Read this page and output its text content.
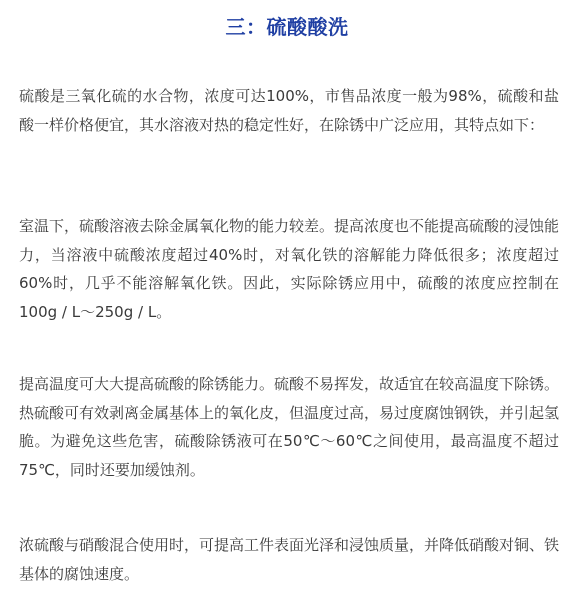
三：硫酸酸洗

硫酸是三氧化硫的水合物，浓度可达100%，市售品浓度一般为98%，硫酸和盐酸一样价格便宜，其水溶液对热的稳定性好，在除锈中广泛应用，其特点如下：

室温下，硫酸溶液去除金属氧化物的能力较差。提高浓度也不能提高硫酸的浸蚀能力，当溶液中硫酸浓度超过40%时，对氧化铁的溶解能力降低很多；浓度超过60%时，几乎不能溶解氧化铁。因此，实际除锈应用中，硫酸的浓度应控制在100g / L～250g / L。

提高温度可大大提高硫酸的除锈能力。硫酸不易挥发，故适宜在较高温度下除锈。热硫酸可有效剥离金属基体上的氧化皮，但温度过高，易过度腐蚀钢铁，并引起氢脆。为避免这些危害，硫酸除锈液可在50℃～60℃之间使用，最高温度不超过75℃，同时还要加缓蚀剂。

浓硫酸与硝酸混合使用时，可提高工件表面光泽和浸蚀质量，并降低硝酸对铜、铁基体的腐蚀速度。
